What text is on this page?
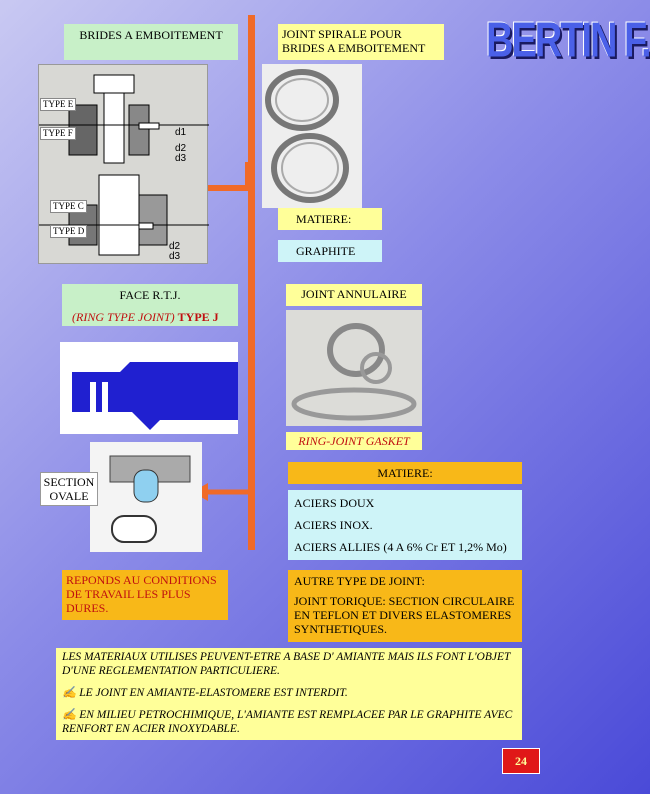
BERTIN F.
BRIDES A EMBOITEMENT
d1
d2
d3
d2
d3
TYPE E
TYPE F
TYPE C
TYPE D
JOINT SPIRALE POUR BRIDES A EMBOITEMENT
MATIERE:
GRAPHITE
FACE R.T.J.
(RING TYPE JOINT) TYPE J
SECTION OVALE
REPONDS AU CONDITIONS DE TRAVAIL LES PLUS DURES.
JOINT ANNULAIRE
RING-JOINT GASKET
MATIERE:
ACIERS DOUX
ACIERS INOX.
ACIERS ALLIES (4 A 6% Cr ET 1,2% Mo)
AUTRE TYPE DE JOINT:
JOINT TORIQUE: SECTION CIRCULAIRE EN TEFLON ET DIVERS ELASTOMERES SYNTHETIQUES.
LES MATERIAUX UTILISES PEUVENT-ETRE A BASE D' AMIANTE MAIS ILS FONT L'OBJET D'UNE REGLEMENTATION PARTICULIERE.
✍ LE JOINT EN AMIANTE-ELASTOMERE EST INTERDIT.
✍ EN MILIEU PETROCHIMIQUE, L'AMIANTE EST REMPLACEE PAR LE GRAPHITE AVEC RENFORT EN ACIER INOXYDABLE.
24
